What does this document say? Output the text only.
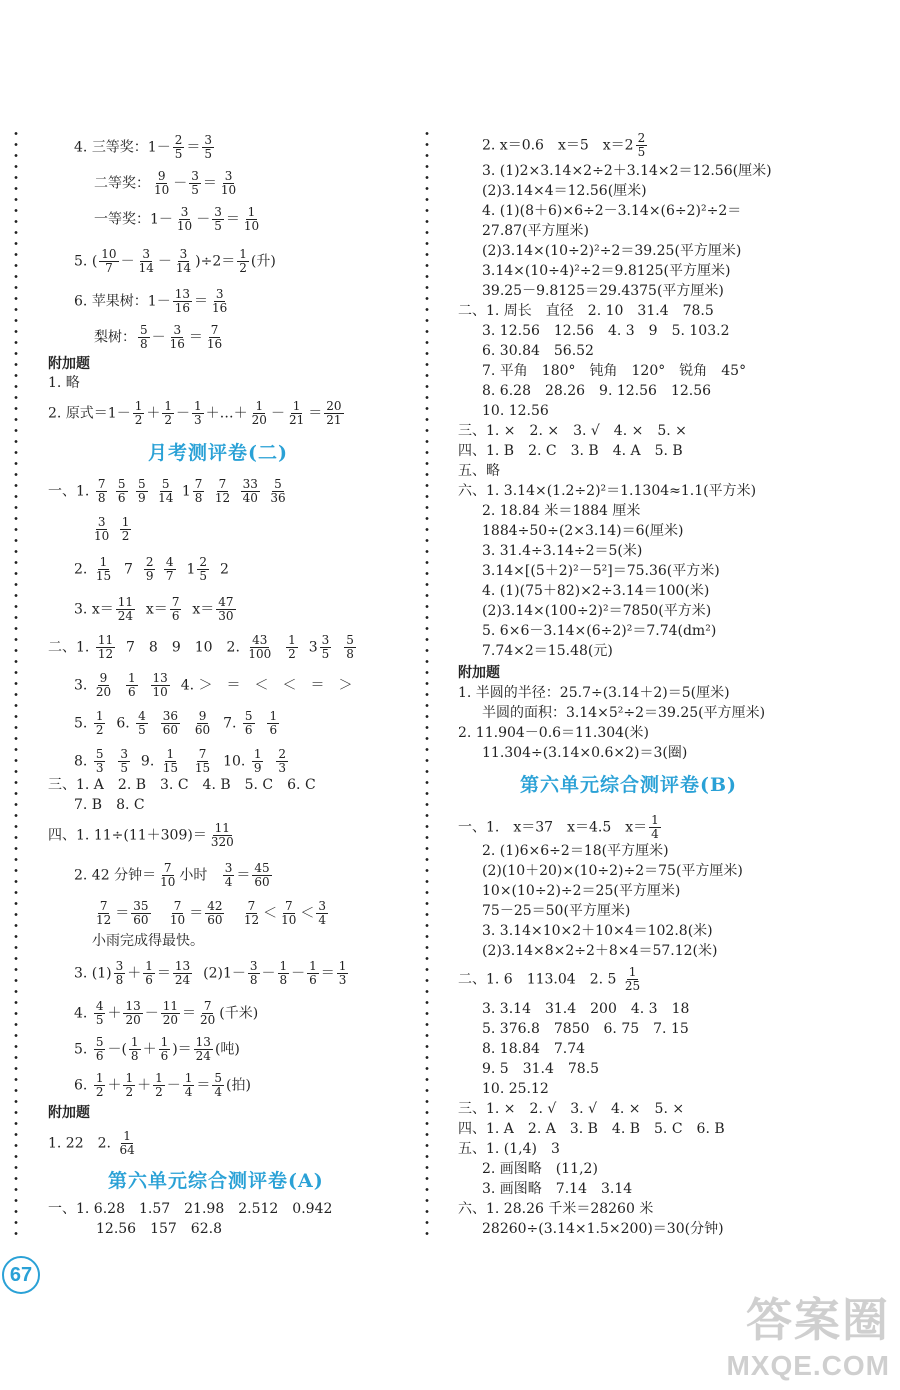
4. 三等奖：$1- \frac{2}{5} = \frac{3}{5}$
二等奖： $\frac{9}{10} - \frac{3}{5} = \frac{3}{10}$
一等奖：$1- \frac{3}{10} - \frac{3}{5} = \frac{1}{10}$
5. ( $\frac{10}{7} - \frac{3}{14} - \frac{3}{14} )\div 2= \frac{1}{2}$ (升)
6. 苹果树：$1- \frac{13}{16} = \frac{3}{16}$
梨树： $\frac{5}{8} - \frac{3}{16} = \frac{7}{16}$
附加题
1. 略
2. 原式$=1- \frac{1}{2} + \frac{1}{2} - \frac{1}{3}$ ＋…＋ $\frac{1}{20} - \frac{1}{21} = \frac{20}{21}$
月考测评卷(二)
一、1. $\frac{7}{8}$
$\frac{5}{6}$
$\frac{5}{9}$
$\frac{5}{14} 1 \frac{7}{8}$
$\frac{7}{12}$
$\frac{33}{40}$
$\frac{5}{36}$
$\frac{3}{10}$
$\frac{1}{2}$
2. $\frac{1}{15} 7 \frac{2}{9}$
$\frac{4}{7} 1 \frac{2}{5} 2$
3. $x= \frac{11}{24} x= \frac{7}{6} x= \frac{47}{30}$
二、1. $\frac{11}{12} 7$　8　9　10　2. $\frac{43}{100}$
$\frac{1}{2} 3 \frac{3}{5}$
$\frac{5}{8}$
3. $\frac{9}{20}$
$\frac{1}{6}$
$\frac{13}{10} 4$. ＞　＝　＜　＜　＝　＞
5. $\frac{1}{2} 6$. $\frac{4}{5}$
$\frac{36}{60}$
$\frac{9}{60} 7$. $\frac{5}{6}$
$\frac{1}{6}$
8. $\frac{5}{3}$
$\frac{3}{5} 9$. $\frac{1}{15}$
$\frac{7}{15} 10$. $\frac{1}{9}$
$\frac{2}{3}$
三、1. A　2. B　3. C　4. B　5. C　6. C
7. B　8. C
四、1. $11\div(11+309)= \frac{11}{320}$
2. 42 分钟＝ $\frac{7}{10}$ 小时 $\frac{3}{4} = \frac{45}{60}$
$\frac{7}{12} = \frac{35}{60}$
$\frac{7}{10} = \frac{42}{60}$
$\frac{7}{12} < \frac{7}{10} < \frac{3}{4}$
小雨完成得最快。
3. $(1) \frac{3}{8} + \frac{1}{6} = \frac{13}{24} (2)1- \frac{3}{8} - \frac{1}{8} - \frac{1}{6} = \frac{1}{3}$
4. $\frac{4}{5} + \frac{13}{20} - \frac{11}{20} = \frac{7}{20}$ (千米)
5. $\frac{5}{6}$ －( $\frac{1}{8} + \frac{1}{6}$ )＝ $\frac{13}{24}$ (吨)
6. $\frac{1}{2} + \frac{1}{2} + \frac{1}{2} - \frac{1}{4} = \frac{5}{4}$ (拍)
附加题
1. 22　2. $\frac{1}{64}$
第六单元综合测评卷(A)
一、1. 6.28　1.57　21.98　2.512　0.942
12.56　157　62.8
2. x＝0.6　x＝5　$x=2 \frac{2}{5}$
3. (1)2×3.14×2÷2＋3.14×2＝12.56(厘米)
(2)3.14×4＝12.56(厘米)
4. (1)(8＋6)×6÷2－3.14×(6÷2)²÷2＝
27.87(平方厘米)
(2)3.14×(10÷2)²÷2＝39.25(平方厘米)
3.14×(10÷4)²÷2＝9.8125(平方厘米)
39.25－9.8125＝29.4375(平方厘米)
二、1. 周长　直径　2. 10　31.4　78.5
3. 12.56　12.56　4. 3　9　5. 103.2
6. 30.84　56.52
7. 平角　180°　钝角　120°　锐角　45°
8. 6.28　28.26　9. 12.56　12.56
10. 12.56
三、1. ×　2. ×　3. √　4. ×　5. ×
四、1. B　2. C　3. B　4. A　5. B
五、略
六、1. 3.14×(1.2÷2)²＝1.1304≈1.1(平方米)
2. 18.84 米＝1884 厘米
1884÷50÷(2×3.14)＝6(厘米)
3. 31.4÷3.14÷2＝5(米)
3.14×[(5＋2)²－5²]＝75.36(平方米)
4. (1)(75＋82)×2÷3.14＝100(米)
(2)3.14×(100÷2)²＝7850(平方米)
5. 6×6－3.14×(6÷2)²＝7.74(dm²)
7.74×2＝15.48(元)
附加题
1. 半圆的半径：25.7÷(3.14＋2)＝5(厘米)
半圆的面积：3.14×5²÷2＝39.25(平方厘米)
2. 11.904－0.6＝11.304(米)
11.304÷(3.14×0.6×2)＝3(圈)
第六单元综合测评卷(B)
一、1.　x＝37　x＝4.5　$x= \frac{1}{4}$
2. (1)6×6÷2＝18(平方厘米)
(2)(10＋20)×(10÷2)÷2＝75(平方厘米)
10×(10÷2)÷2＝25(平方厘米)
75－25＝50(平方厘米)
3. 3.14×10×2＋10×4＝102.8(米)
(2)3.14×8×2÷2＋8×4＝57.12(米)
二、1. 6　113.04　2. $5 \frac{1}{25}$
3. 3.14　31.4　200　4. 3　18
5. 376.8　7850　6. 75　7. 15
8. 18.84　7.74
9. 5　31.4　78.5
10. 25.12
三、1. ×　2. √　3. √　4. ×　5. ×
四、1. A　2. A　3. B　4. B　5. C　6. B
五、1. (1,4)　3
2. 画图略　(11,2)
3. 画图略　7.14　3.14
六、1. 28.26 千米＝28260 米
28260÷(3.14×1.5×200)＝30(分钟)
67
答案圈
MXQE.COM
